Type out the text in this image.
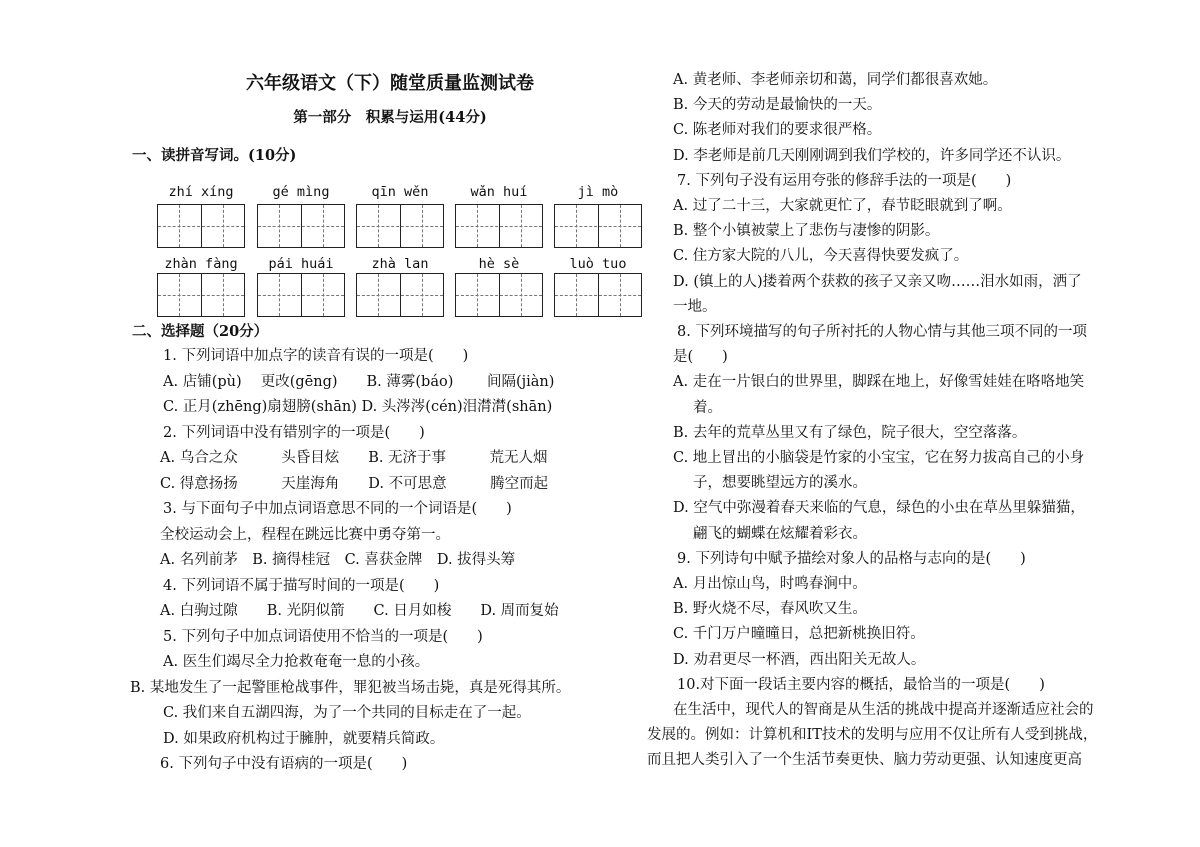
六年级语文（下）随堂质量监测试卷
第一部分　积累与运用(44分)
一、读拼音写词。(10分)
zhí xíng	gé mìng	qīn wěn	wǎn huí	jì mò
zhàn fàng	pái huái	zhà lan	hè sè	luò tuo
二、选择题（20分）
1. 下列词语中加点字的读音有误的一项是(　　)
A. 店铺(pù)　 更改(gēng)　　B. 薄雾(báo)　　 间隔(jiàn)
C. 正月(zhēng)扇翅膀(shān) D. 头涔涔(cén)泪潸潸(shān)
2. 下列词语中没有错别字的一项是(　　)
A. 乌合之众　　　头昏目炫　　B. 无济于事　　　荒无人烟
C. 得意扬扬　　　天崖海角　　D. 不可思意　　　腾空而起
3. 与下面句子中加点词语意思不同的一个词语是(　　)
全校运动会上，程程在跳远比赛中勇夺第一。
A. 名列前茅　B. 摘得桂冠　C. 喜获金牌　D. 拔得头筹
4. 下列词语不属于描写时间的一项是(　　)
A. 白驹过隙　　B. 光阴似箭　　C. 日月如梭　　D. 周而复始
5. 下列句子中加点词语使用不恰当的一项是(　　)
A. 医生们竭尽全力抢救奄奄一息的小孩。
B. 某地发生了一起警匪枪战事件，罪犯被当场击毙，真是死得其所。
C. 我们来自五湖四海，为了一个共同的目标走在了一起。
D. 如果政府机构过于臃肿，就要精兵简政。
6. 下列句子中没有语病的一项是(　　)
A. 黄老师、李老师亲切和蔼，同学们都很喜欢她。
B. 今天的劳动是最愉快的一天。
C. 陈老师对我们的要求很严格。
D. 李老师是前几天刚刚调到我们学校的，许多同学还不认识。
7. 下列句子没有运用夸张的修辞手法的一项是(　　)
A. 过了二十三，大家就更忙了，春节眨眼就到了啊。
B. 整个小镇被蒙上了悲伤与凄惨的阴影。
C. 住方家大院的八儿，今天喜得快要发疯了。
D. (镇上的人)搂着两个获救的孩子又亲又吻……泪水如雨，洒了
一地。
8. 下列环境描写的句子所衬托的人物心情与其他三项不同的一项
是(　　)
A. 走在一片银白的世界里，脚踩在地上，好像雪娃娃在咯咯地笑
着。
B. 去年的荒草丛里又有了绿色，院子很大，空空落落。
C. 地上冒出的小脑袋是竹家的小宝宝，它在努力拔高自己的小身
子，想要眺望远方的溪水。
D. 空气中弥漫着春天来临的气息，绿色的小虫在草丛里躲猫猫，
翩飞的蝴蝶在炫耀着彩衣。
9. 下列诗句中赋予描绘对象人的品格与志向的是(　　)
A. 月出惊山鸟，时鸣春涧中。
B. 野火烧不尽，春风吹又生。
C. 千门万户曈曈日，总把新桃换旧符。
D. 劝君更尽一杯酒，西出阳关无故人。
10.对下面一段话主要内容的概括，最恰当的一项是(　　)
在生活中，现代人的智商是从生活的挑战中提高并逐渐适应社会的
发展的。例如：计算机和IT技术的发明与应用不仅让所有人受到挑战，
而且把人类引入了一个生活节奏更快、脑力劳动更强、认知速度更高
